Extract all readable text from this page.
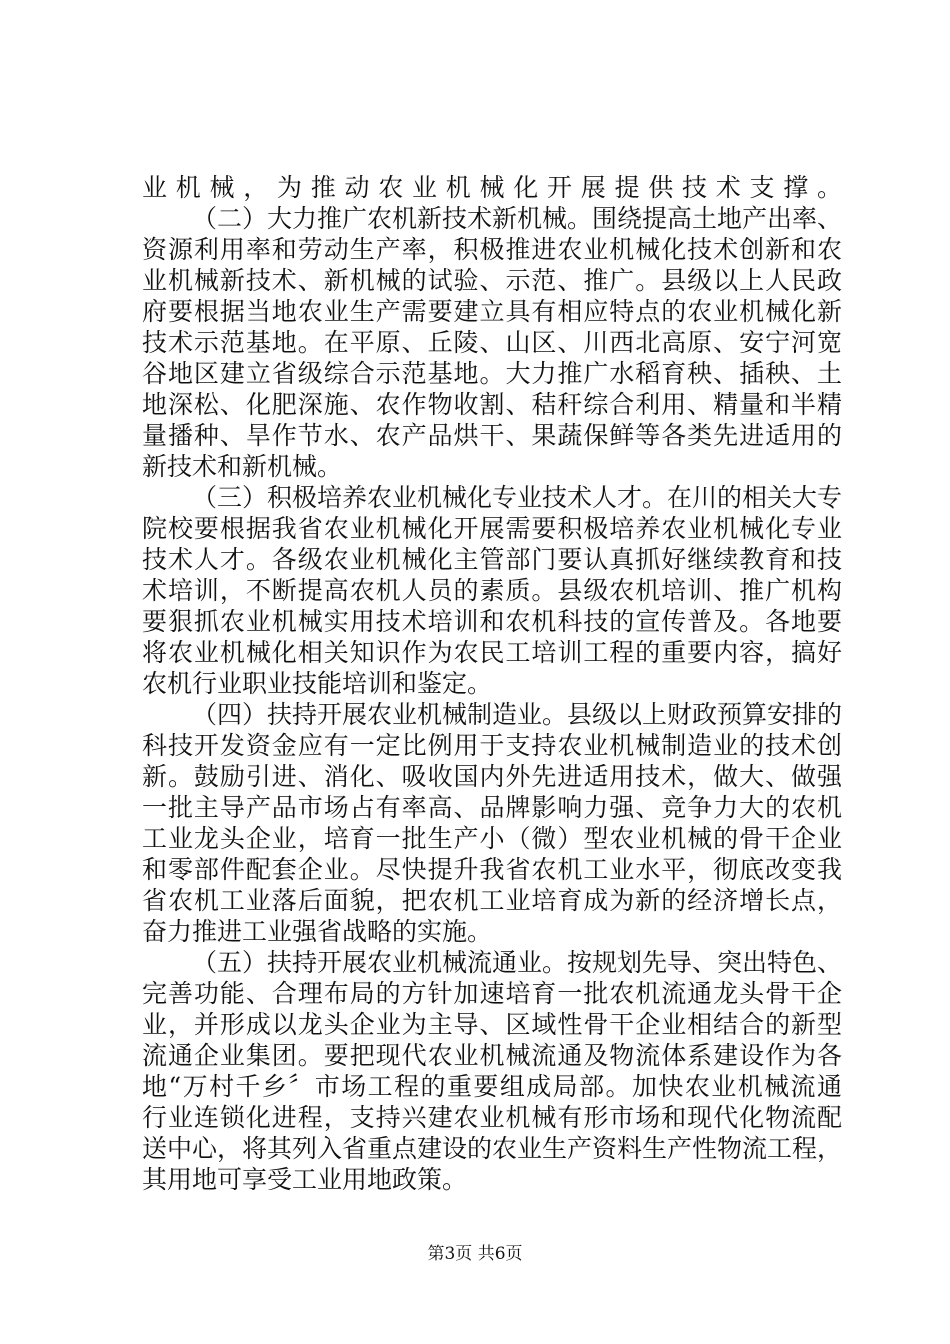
业机械，为推动农业机械化开展提供技术支撑。
（二）大力推广农机新技术新机械。围绕提高土地产出率、
资源利用率和劳动生产率，积极推进农业机械化技术创新和农
业机械新技术、新机械的试验、示范、推广。县级以上人民政
府要根据当地农业生产需要建立具有相应特点的农业机械化新
技术示范基地。在平原、丘陵、山区、川西北高原、安宁河宽
谷地区建立省级综合示范基地。大力推广水稻育秧、插秧、土
地深松、化肥深施、农作物收割、秸秆综合利用、精量和半精
量播种、旱作节水、农产品烘干、果蔬保鲜等各类先进适用的
新技术和新机械。
（三）积极培养农业机械化专业技术人才。在川的相关大专
院校要根据我省农业机械化开展需要积极培养农业机械化专业
技术人才。各级农业机械化主管部门要认真抓好继续教育和技
术培训，不断提高农机人员的素质。县级农机培训、推广机构
要狠抓农业机械实用技术培训和农机科技的宣传普及。各地要
将农业机械化相关知识作为农民工培训工程的重要内容，搞好
农机行业职业技能培训和鉴定。
（四）扶持开展农业机械制造业。县级以上财政预算安排的
科技开发资金应有一定比例用于支持农业机械制造业的技术创
新。鼓励引进、消化、吸收国内外先进适用技术，做大、做强
一批主导产品市场占有率高、品牌影响力强、竞争力大的农机
工业龙头企业，培育一批生产小（微）型农业机械的骨干企业
和零部件配套企业。尽快提升我省农机工业水平，彻底改变我
省农机工业落后面貌，把农机工业培育成为新的经济增长点，
奋力推进工业强省战略的实施。
（五）扶持开展农业机械流通业。按规划先导、突出特色、
完善功能、合理布局的方针加速培育一批农机流通龙头骨干企
业，并形成以龙头企业为主导、区域性骨干企业相结合的新型
流通企业集团。要把现代农业机械流通及物流体系建设作为各
地“万村千乡〞市场工程的重要组成局部。加快农业机械流通
行业连锁化进程，支持兴建农业机械有形市场和现代化物流配
送中心，将其列入省重点建设的农业生产资料生产性物流工程，
其用地可享受工业用地政策。
第3页 共6页
